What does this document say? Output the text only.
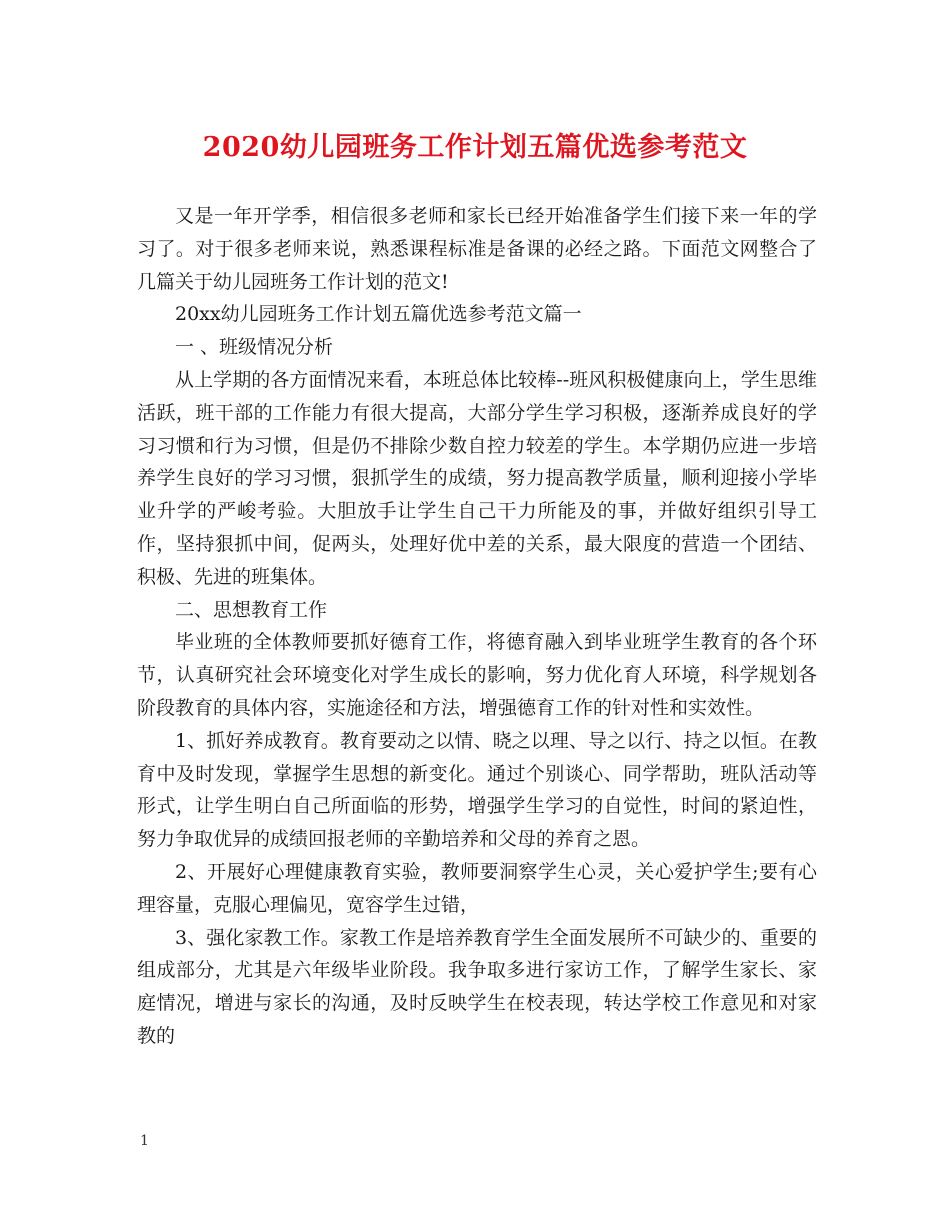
2020幼儿园班务工作计划五篇优选参考范文

又是一年开学季，相信很多老师和家长已经开始准备学生们接下来一年的学习了。对于很多老师来说，熟悉课程标准是备课的必经之路。下面范文网整合了几篇关于幼儿园班务工作计划的范文!

20xx幼儿园班务工作计划五篇优选参考范文篇一

一 、班级情况分析

从上学期的各方面情况来看，本班总体比较棒--班风积极健康向上，学生思维活跃，班干部的工作能力有很大提高，大部分学生学习积极，逐渐养成良好的学习习惯和行为习惯，但是仍不排除少数自控力较差的学生。本学期仍应进一步培养学生良好的学习习惯，狠抓学生的成绩，努力提高教学质量，顺利迎接小学毕业升学的严峻考验。大胆放手让学生自己干力所能及的事，并做好组织引导工作，坚持狠抓中间，促两头，处理好优中差的关系，最大限度的营造一个团结、积极、先进的班集体。

二、思想教育工作

毕业班的全体教师要抓好德育工作，将德育融入到毕业班学生教育的各个环节，认真研究社会环境变化对学生成长的影响，努力优化育人环境，科学规划各阶段教育的具体内容，实施途径和方法，增强德育工作的针对性和实效性。

1、抓好养成教育。教育要动之以情、晓之以理、导之以行、持之以恒。在教育中及时发现，掌握学生思想的新变化。通过个别谈心、同学帮助，班队活动等形式，让学生明白自己所面临的形势，增强学生学习的自觉性，时间的紧迫性，努力争取优异的成绩回报老师的辛勤培养和父母的养育之恩。

2、开展好心理健康教育实验，教师要洞察学生心灵，关心爱护学生;要有心理容量，克服心理偏见，宽容学生过错，

3、强化家教工作。家教工作是培养教育学生全面发展所不可缺少的、重要的组成部分，尤其是六年级毕业阶段。我争取多进行家访工作，了解学生家长、家庭情况，增进与家长的沟通，及时反映学生在校表现，转达学校工作意见和对家教的

1
